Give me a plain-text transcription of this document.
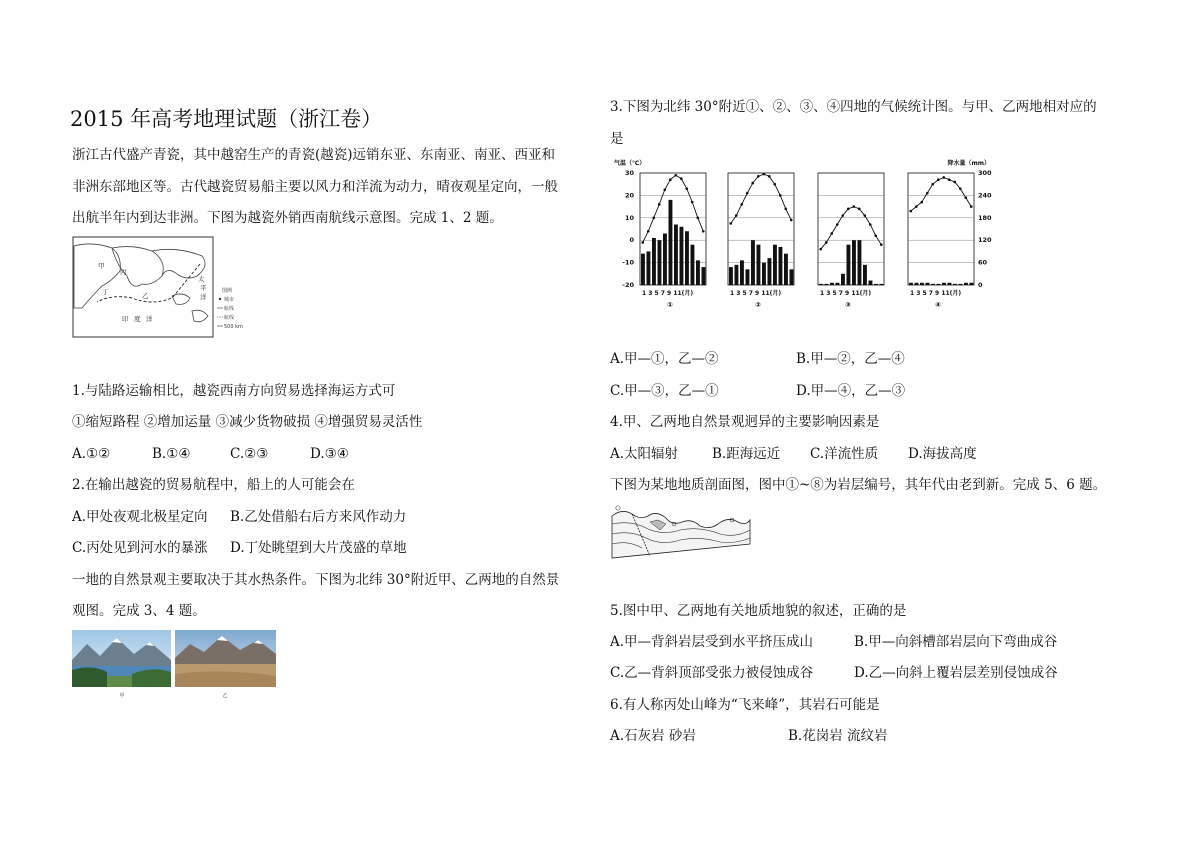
2015 年高考地理试题（浙江卷）
浙江古代盛产青瓷，其中越窑生产的青瓷(越瓷)远销东亚、东南亚、南亚、西亚和
非洲东部地区等。古代越瓷贸易船主要以风力和洋流为动力，晴夜观星定向，一般
出航半年内到达非洲。下图为越瓷外销西南航线示意图。完成 1、2 题。
甲
乙
丙
丁
太
平
洋
印 度 洋
图例
城市
航线
航线
500 km
1.与陆路运输相比，越瓷西南方向贸易选择海运方式可
①缩短路程 ②增加运量 ③减少货物破损 ④增强贸易灵活性
A.①②	B.①④	C.②③	D.③④
2.在输出越瓷的贸易航程中，船上的人可能会在
A.甲处夜观北极星定向 B.乙处借船右后方来风作动力
C.丙处见到河水的暴涨 D.丁处眺望到大片茂盛的草地
一地的自然景观主要取决于其水热条件。下图为北纬 30°附近甲、乙两地的自然景
观图。完成 3、4 题。
甲	乙
3.下图为北纬 30°附近①、②、③、④四地的气候统计图。与甲、乙两地相对应的
是
气温（℃）	降水量（mm）
30
20
10
0
-10
-20
300
240
180
120
60
0
1 3 5 7 9 11(月)
①
1 3 5 7 9 11(月)
②
1 3 5 7 9 11(月)
③
1 3 5 7 9 11(月)
④
A.甲—①，乙—②	B.甲—②，乙—④
C.甲—③，乙—①	D.甲—④，乙—③
4.甲、乙两地自然景观迥异的主要影响因素是
A.太阳辐射	B.距海远近 C.洋流性质 D.海拔高度
下图为某地地质剖面图，图中①~⑧为岩层编号，其年代由老到新。完成 5、6 题。
5.图中甲、乙两地有关地质地貌的叙述，正确的是
A.甲—背斜岩层受到水平挤压成山	B.甲—向斜槽部岩层向下弯曲成谷
C.乙—背斜顶部受张力被侵蚀成谷	D.乙—向斜上覆岩层差别侵蚀成谷
6.有人称丙处山峰为“飞来峰”，其岩石可能是
A.石灰岩 砂岩	B.花岗岩 流纹岩
